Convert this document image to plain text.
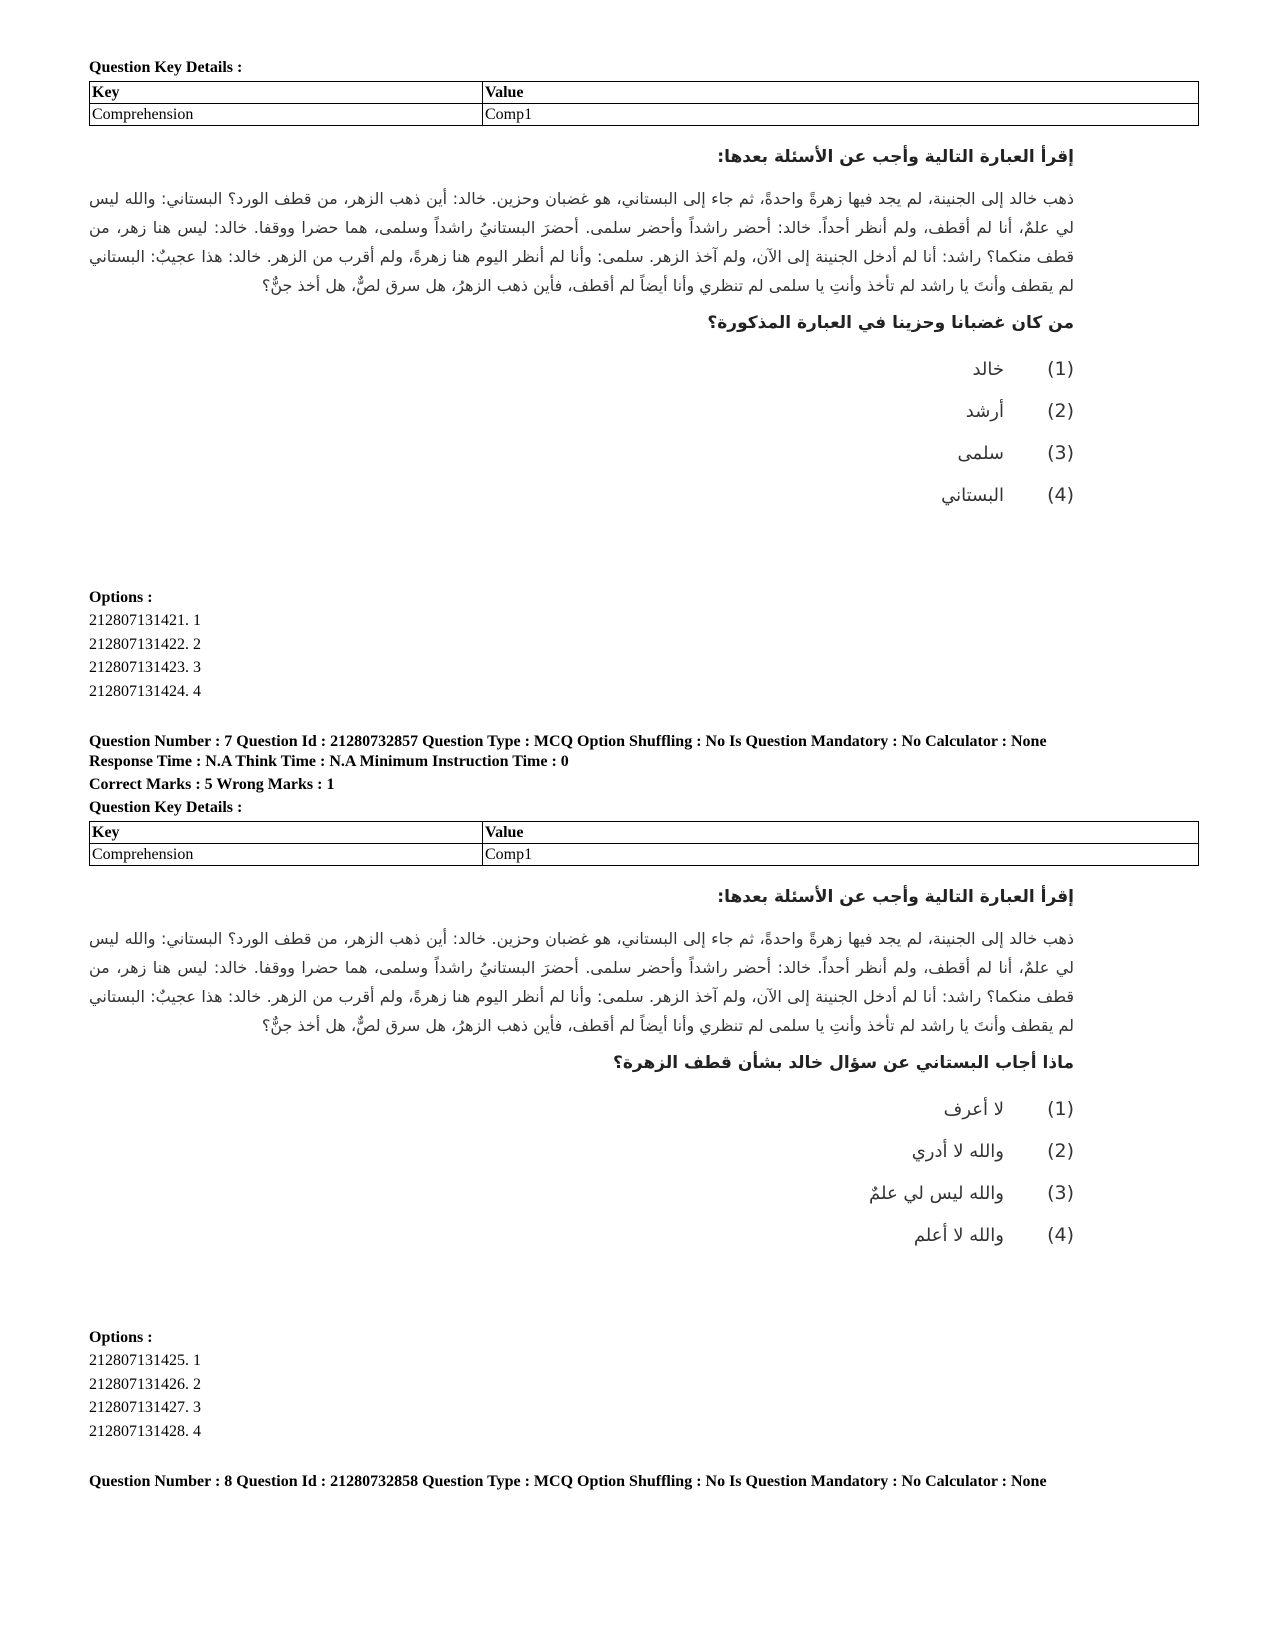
Question Key Details :
Key	Value
Comprehension	Comp1
إقرأ العبارة التالية وأجب عن الأسئلة بعدها:
ذهب خالد إلى الجنينة، لم يجد فيها زهرةً واحدةً، ثم جاء إلى البستاني، هو غضبان وحزين. خالد: أين ذهب الزهر، من قطف الورد؟ البستاني: والله ليس لي علمٌ، أنا لم أقطف، ولم أنظر أحداً. خالد: أحضر راشداً وأحضر سلمى. أحضرَ البستانيُ راشداً وسلمى، هما حضرا ووقفا. خالد: ليس هنا زهر، من قطف منكما؟ راشد: أنا لم أدخل الجنينة إلى الآن، ولم آخذ الزهر. سلمى: وأنا لم أنظر اليوم هنا زهرةً، ولم أقرب من الزهر. خالد: هذا عجيبٌ: البستاني لم يقطف وأنتَ يا راشد لم تأخذ وأنتِ يا سلمى لم تنظري وأنا أيضاً لم أقطف، فأين ذهب الزهرُ، هل سرق لصٌّ، هل أخذ جنٌّ؟
من كان غضبانا وحزينا في العبارة المذكورة؟
(1)
خالد
(2)
أرشد
(3)
سلمى
(4)
البستاني
Options :
212807131421. 1
212807131422. 2
212807131423. 3
212807131424. 4
Question Number : 7 Question Id : 21280732857 Question Type : MCQ Option Shuffling : No Is Question Mandatory : No Calculator : None
Response Time : N.A Think Time : N.A Minimum Instruction Time : 0
Correct Marks : 5 Wrong Marks : 1
Question Key Details :
Key	Value
Comprehension	Comp1
إقرأ العبارة التالية وأجب عن الأسئلة بعدها:
ذهب خالد إلى الجنينة، لم يجد فيها زهرةً واحدةً، ثم جاء إلى البستاني، هو غضبان وحزين. خالد: أين ذهب الزهر، من قطف الورد؟ البستاني: والله ليس لي علمٌ، أنا لم أقطف، ولم أنظر أحداً. خالد: أحضر راشداً وأحضر سلمى. أحضرَ البستانيُ راشداً وسلمى، هما حضرا ووقفا. خالد: ليس هنا زهر، من قطف منكما؟ راشد: أنا لم أدخل الجنينة إلى الآن، ولم آخذ الزهر. سلمى: وأنا لم أنظر اليوم هنا زهرةً، ولم أقرب من الزهر. خالد: هذا عجيبٌ: البستاني لم يقطف وأنتَ يا راشد لم تأخذ وأنتِ يا سلمى لم تنظري وأنا أيضاً لم أقطف، فأين ذهب الزهرُ، هل سرق لصٌّ، هل أخذ جنٌّ؟
ماذا أجاب البستاني عن سؤال خالد بشأن قطف الزهرة؟
(1)
لا أعرف
(2)
والله لا أدري
(3)
والله ليس لي علمٌ
(4)
والله لا أعلم
Options :
212807131425. 1
212807131426. 2
212807131427. 3
212807131428. 4
Question Number : 8 Question Id : 21280732858 Question Type : MCQ Option Shuffling : No Is Question Mandatory : No Calculator : None
